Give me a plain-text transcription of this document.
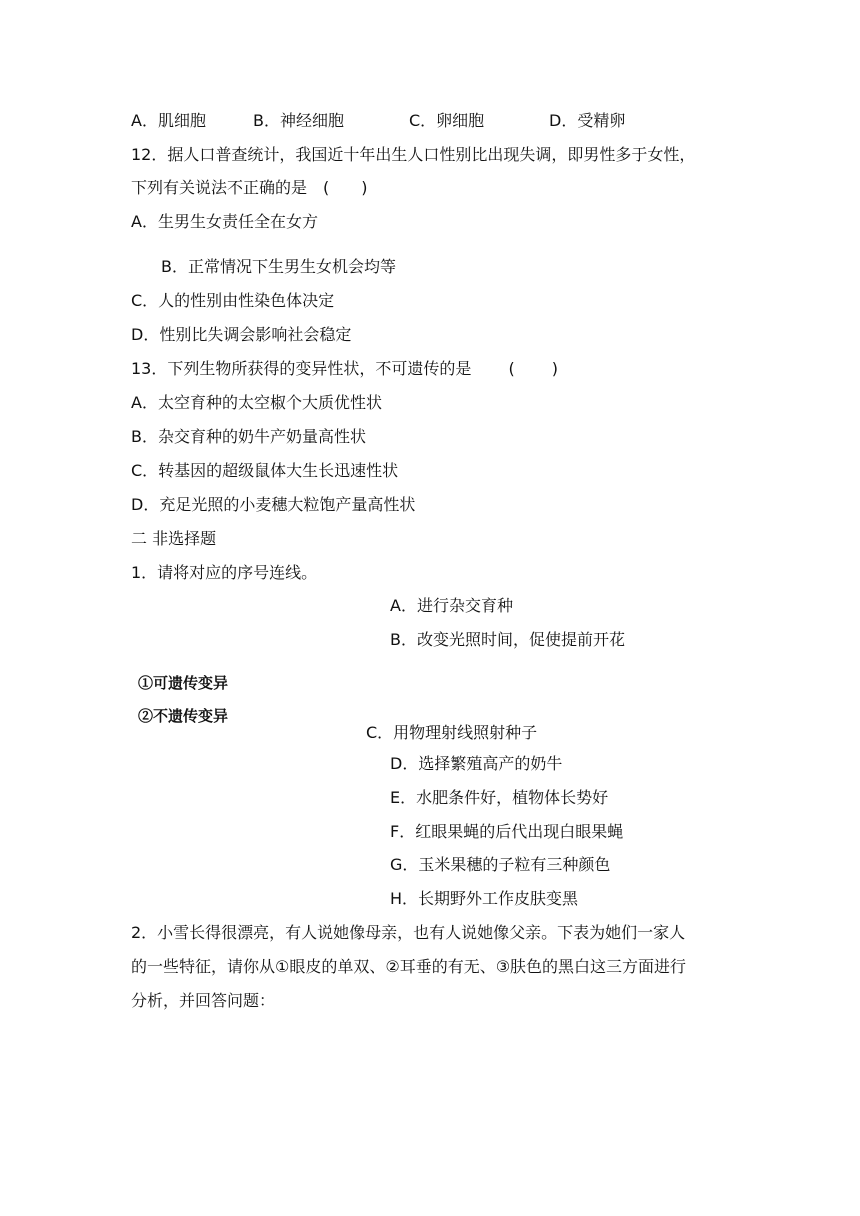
A．肌细胞	B．神经细胞	C．卵细胞	D．受精卵
12．据人口普查统计，我国近十年出生人口性别比出现失调，即男性多于女性，
下列有关说法不正确的是　(　　)
A．生男生女责任全在女方
B．正常情况下生男生女机会均等
C．人的性别由性染色体决定
D．性别比失调会影响社会稳定
13．下列生物所获得的变异性状，不可遗传的是　　 (　　 )
A．太空育种的太空椒个大质优性状
B．杂交育种的奶牛产奶量高性状
C．转基因的超级鼠体大生长迅速性状
D．充足光照的小麦穗大粒饱产量高性状
二 非选择题
1．请将对应的序号连线。
A．进行杂交育种
B．改变光照时间，促使提前开花
①可遗传变异
②不遗传变异
C．用物理射线照射种子
D．选择繁殖高产的奶牛
E．水肥条件好，植物体长势好
F．红眼果蝇的后代出现白眼果蝇
G．玉米果穗的子粒有三种颜色
H．长期野外工作皮肤变黑
2．小雪长得很漂亮，有人说她像母亲，也有人说她像父亲。下表为她们一家人
的一些特征，请你从①眼皮的单双、②耳垂的有无、③肤色的黑白这三方面进行
分析，并回答问题：
